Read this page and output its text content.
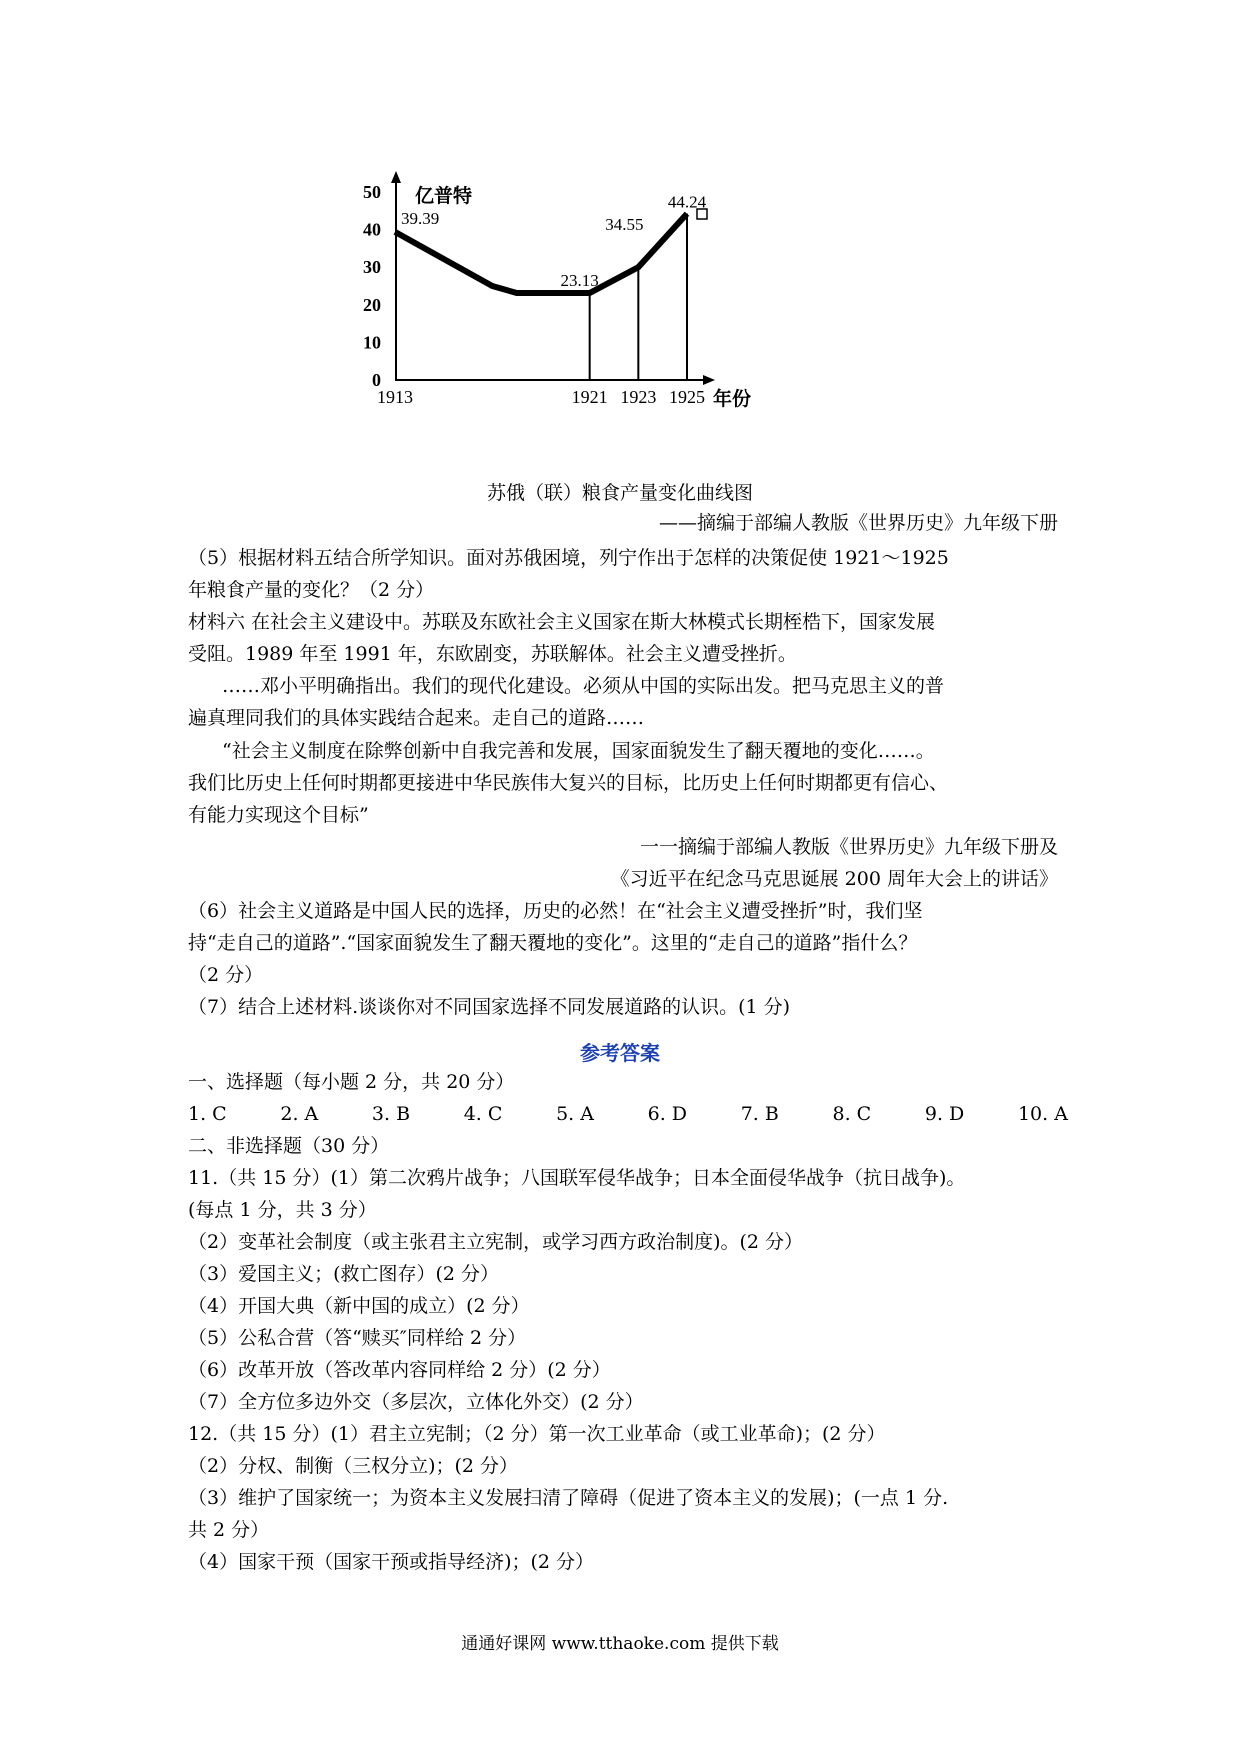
0
10
20
30
40
50
1913	1921 1923 1925
39.39
23.13
34.55
44.24
亿普特
年份
苏俄（联）粮食产量变化曲线图
——摘编于部编人教版《世界历史》九年级下册
（5）根据材料五结合所学知识。面对苏俄困境，列宁作出于怎样的决策促使 1921～1925
年粮食产量的变化？（2 分）
材料六 在社会主义建设中。苏联及东欧社会主义国家在斯大林模式长期桎梏下，国家发展
受阻。1989 年至 1991 年，东欧剧变，苏联解体。社会主义遭受挫折。
……邓小平明确指出。我们的现代化建设。必须从中国的实际出发。把马克思主义的普
遍真理同我们的具体实践结合起来。走自己的道路……
“社会主义制度在除弊创新中自我完善和发展，国家面貌发生了翻天覆地的变化……。
我们比历史上任何时期都更接进中华民族伟大复兴的目标，比历史上任何时期都更有信心、
有能力实现这个目标”
一一摘编于部编人教版《世界历史》九年级下册及
《习近平在纪念马克思诞展 200 周年大会上的讲话》
（6）社会主义道路是中国人民的选择，历史的必然！在“社会主义遭受挫折”时，我们坚
持“走自己的道路”.“国家面貌发生了翻天覆地的变化”。这里的“走自己的道路”指什么？
（2 分）
（7）结合上述材料.谈谈你对不同国家选择不同发展道路的认识。(1 分)
参考答案
一、选择题（每小题 2 分，共 20 分）
1. C	2. A	3. B	4. C	5. A	6. D	7. B	8. C	9. D	10. A
二、非选择题（30 分）
11.（共 15 分）(1）第二次鸦片战争；八国联军侵华战争；日本全面侵华战争（抗日战争)。
(每点 1 分，共 3 分）
（2）变革社会制度（或主张君主立宪制，或学习西方政治制度)。(2 分）
（3）爱国主义；(救亡图存）(2 分）
（4）开国大典（新中国的成立）(2 分）
（5）公私合营（答“赎买″同样给 2 分）
（6）改革开放（答改革内容同样给 2 分）(2 分）
（7）全方位多边外交（多层次，立体化外交）(2 分）
12.（共 15 分）(1）君主立宪制；（2 分）第一次工业革命（或工业革命)；(2 分）
（2）分权、制衡（三权分立)；(2 分）
（3）维护了国家统一；为资本主义发展扫清了障碍（促进了资本主义的发展)；(一点 1 分.
共 2 分）
（4）国家干预（国家干预或指导经济)；(2 分）
通通好课网 www.tthaoke.com 提供下载
